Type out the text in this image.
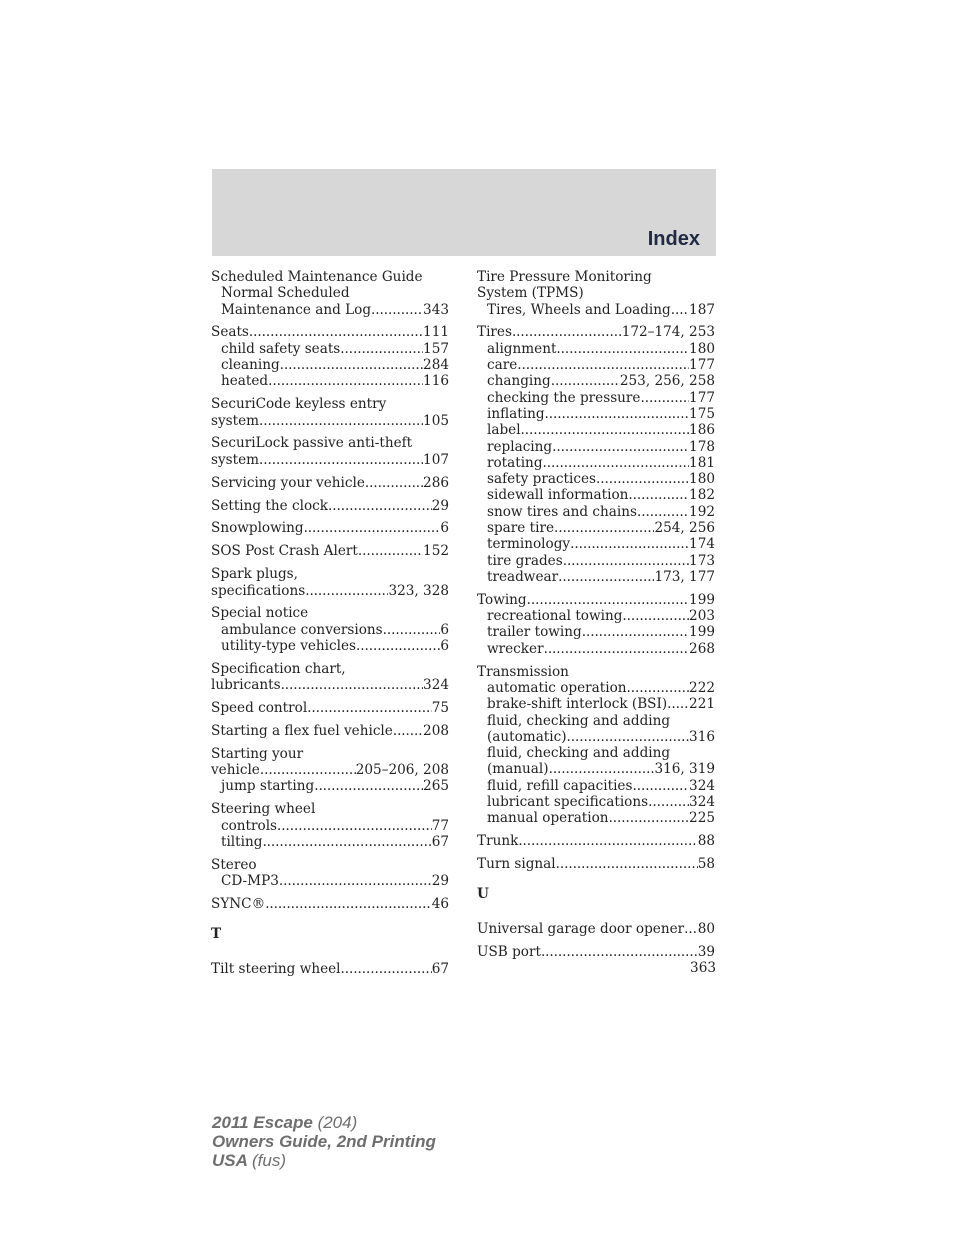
Index
Scheduled Maintenance Guide
Normal Scheduled
Maintenance and Log . . .	343
Seats . . .	111
child safety seats . . .	157
cleaning . . .	284
heated . . .	116
SecuriCode keyless entry
system . . .	105
SecuriLock passive anti-theft
system . . .	107
Servicing your vehicle . . .	286
Setting the clock . . .	29
Snowplowing . . .	6
SOS Post Crash Alert . . .	152
Spark plugs,
specifications . . .	323, 328
Special notice
ambulance conversions . . .	6
utility-type vehicles . . .	6
Specification chart,
lubricants . . .	324
Speed control . . .	75
Starting a flex fuel vehicle . . . 208
Starting your
vehicle . . .	205–206, 208
jump starting . . .	265
Steering wheel
controls . . .	77
tilting . . .	67
Stereo
CD-MP3 . . .	29
SYNC® . . .	46
T
Tilt steering wheel . . .	67
Tire Pressure Monitoring
System (TPMS)
Tires, Wheels and Loading . . . 187
Tires . . .	172–174, 253
alignment . . .	180
care . . .	177
changing . . .	253, 256, 258
checking the pressure . . .	177
inflating . . .	175
label . . .	186
replacing . . .	178
rotating . . .	181
safety practices . . .	180
sidewall information . . .	182
snow tires and chains . . .	192
spare tire . . .	254, 256
terminology . . .	174
tire grades . . .	173
treadwear . . .	173, 177
Towing . . .	199
recreational towing . . .	203
trailer towing . . .	199
wrecker . . .	268
Transmission
automatic operation . . .	222
brake-shift interlock (BSI) . . . 221
fluid, checking and adding
(automatic) . . .	316
fluid, checking and adding
(manual) . . .	316, 319
fluid, refill capacities . . .	324
lubricant specifications . . .	324
manual operation . . .	225
Trunk . . .	88
Turn signal . . .	58
U
Universal garage door opener . . . 80
USB port . . .	39
363
2011 Escape (204)
Owners Guide, 2nd Printing
USA (fus)
